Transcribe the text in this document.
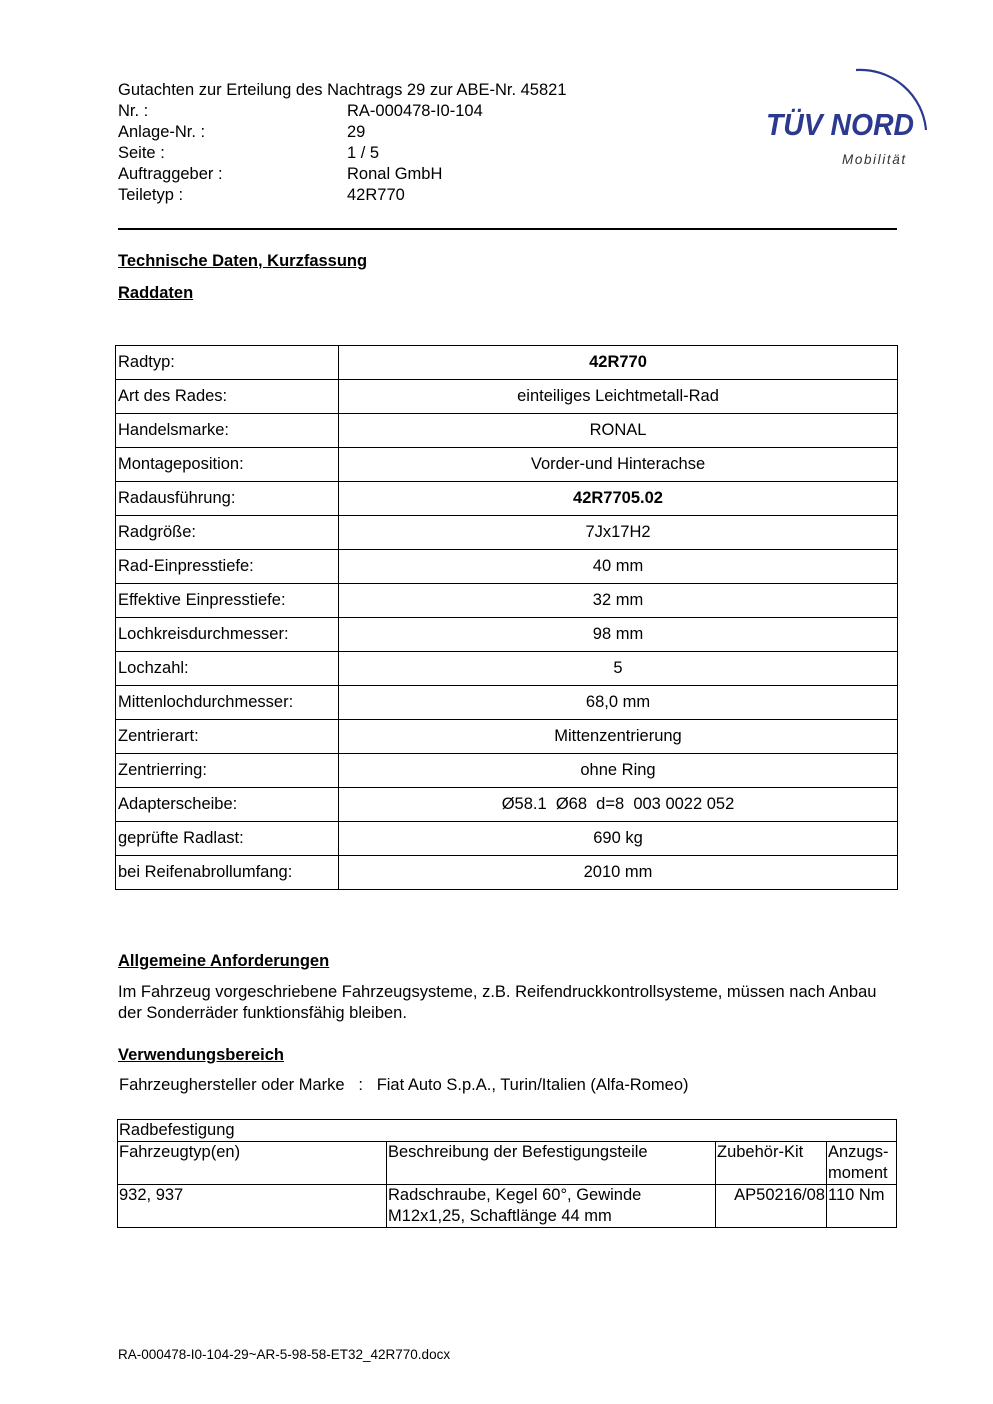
Gutachten zur Erteilung des Nachtrags 29 zur ABE-Nr. 45821
Nr. :	RA-000478-I0-104
Anlage-Nr. :	29
Seite :	1 / 5
Auftraggeber :	Ronal GmbH
Teiletyp :	42R770
TÜV NORD
Mobilität
Technische Daten, Kurzfassung
Raddaten
Radtyp:	42R770
Art des Rades:	einteiliges Leichtmetall-Rad
Handelsmarke:	RONAL
Montageposition:	Vorder-und Hinterachse
Radausführung:	42R7705.02
Radgröße:	7Jx17H2
Rad-Einpresstiefe:	40 mm
Effektive Einpresstiefe:	32 mm
Lochkreisdurchmesser:	98 mm
Lochzahl:	5
Mittenlochdurchmesser:	68,0 mm
Zentrierart:	Mittenzentrierung
Zentrierring:	ohne Ring
Adapterscheibe:	Ø58.1  Ø68  d=8  003 0022 052
geprüfte Radlast:	690 kg
bei Reifenabrollumfang:	2010 mm
Allgemeine Anforderungen
Im Fahrzeug vorgeschriebene Fahrzeugsysteme, z.B. Reifendruckkontrollsysteme, müssen nach Anbau der Sonderräder funktionsfähig bleiben.
Verwendungsbereich
Fahrzeughersteller oder Marke   :   Fiat Auto S.p.A., Turin/Italien (Alfa-Romeo)
Radbefestigung			
Fahrzeugtyp(en)	Beschreibung der Befestigungsteile	Zubehör-Kit	Anzugs-moment
932, 937	Radschraube, Kegel 60°, Gewinde M12x1,25, Schaftlänge 44 mm	AP50216/08	110 Nm
RA-000478-I0-104-29~AR-5-98-58-ET32_42R770.docx
